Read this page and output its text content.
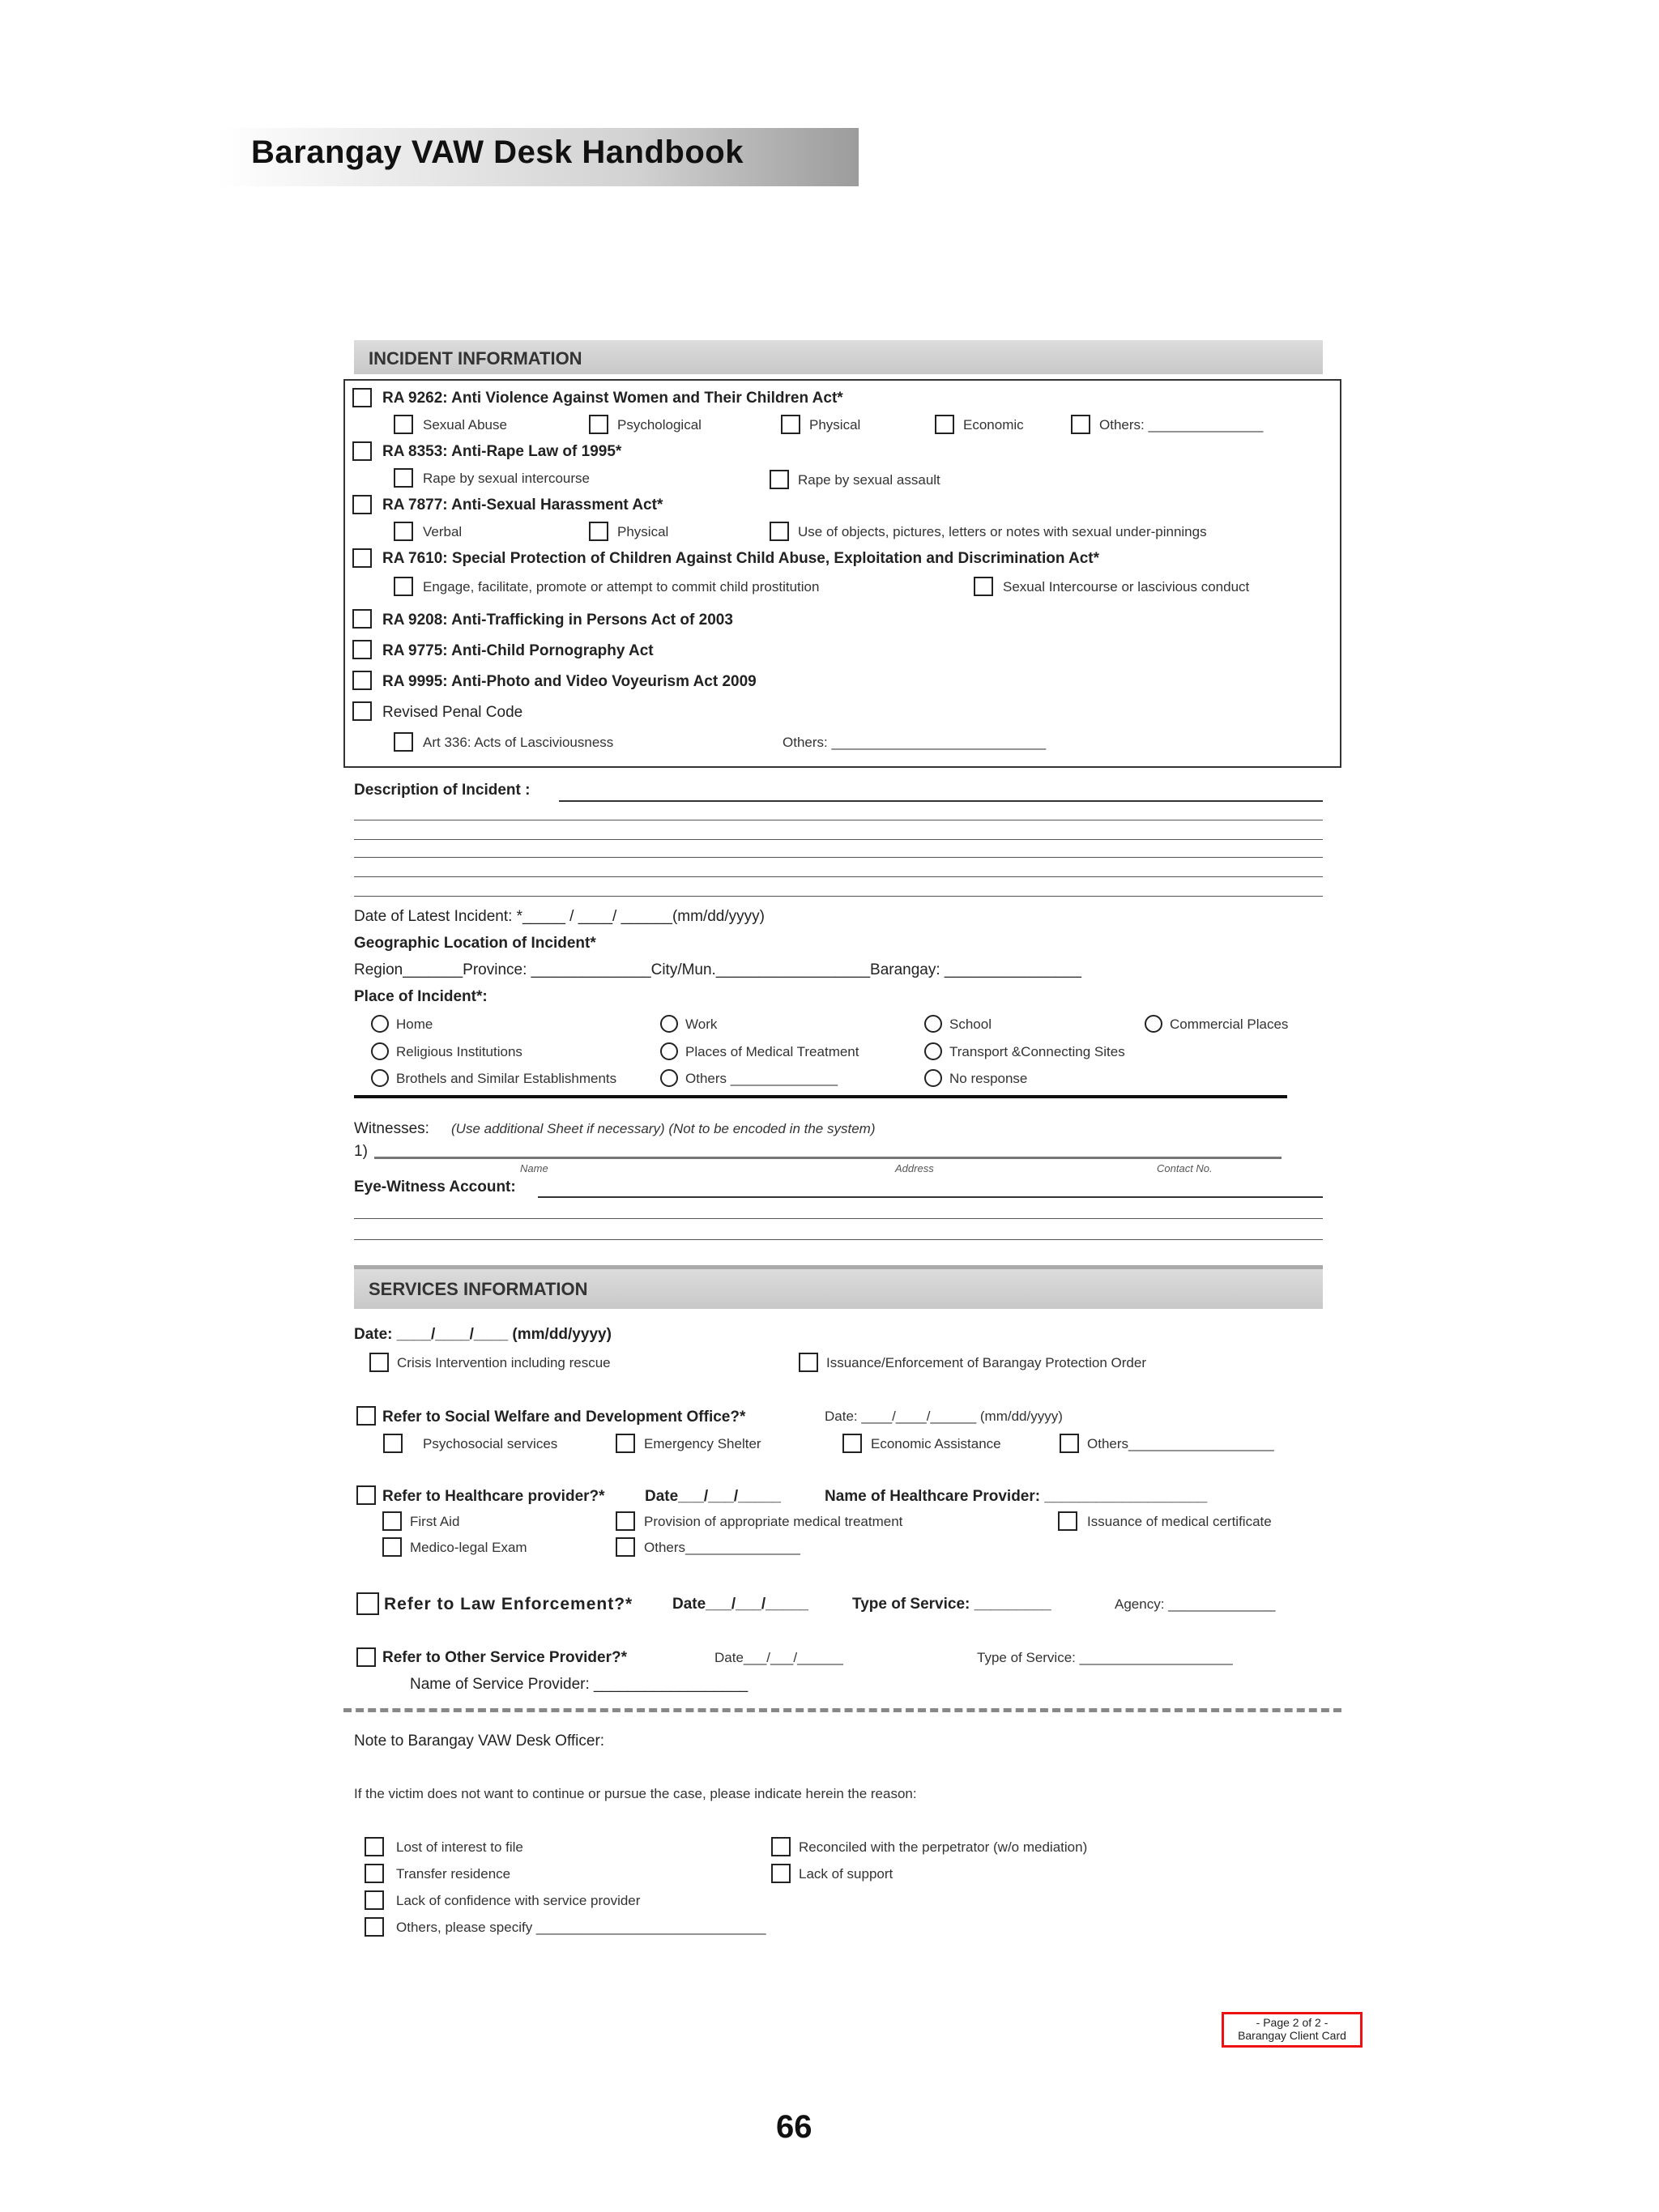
Barangay VAW Desk Handbook
INCIDENT INFORMATION
RA 9262: Anti Violence Against Women and Their Children Act*
Sexual Abuse	Psychological	Physical	Economic	Others: _______________
RA 8353: Anti-Rape Law of 1995*
Rape by sexual intercourse	Rape by sexual assault
RA 7877: Anti-Sexual Harassment Act*
Verbal	Physical	Use of objects, pictures, letters or notes with sexual under-pinnings
RA 7610: Special Protection of Children Against Child Abuse, Exploitation and Discrimination Act*
Engage, facilitate, promote or attempt to commit child prostitution	Sexual Intercourse or lascivious conduct
RA 9208: Anti-Trafficking in Persons Act of 2003
RA 9775: Anti-Child Pornography Act
RA 9995: Anti-Photo and Video Voyeurism Act 2009
Revised Penal Code
Art 336: Acts of Lasciviousness	Others: ____________________________
Description of Incident :
Date of Latest Incident: *_____ / ____/ ______(mm/dd/yyyy)
Geographic Location of Incident*
Region_______Province: ______________City/Mun.__________________Barangay: ________________
Place of Incident*:
Home	Work	School	Commercial Places
Religious Institutions	Places of Medical Treatment	Transport &Connecting Sites
Brothels and Similar Establishments	Others ______________	No response
Witnesses: (Use additional Sheet if necessary) (Not to be encoded in the system)
1)
Name	Address	Contact No.
Eye-Witness Account:
SERVICES INFORMATION
Date: ____/____/____ (mm/dd/yyyy)
Crisis Intervention including rescue	Issuance/Enforcement of Barangay Protection Order
Refer to Social Welfare and Development Office?*	Date: ____/____/______ (mm/dd/yyyy)
Psychosocial services	Emergency Shelter	Economic Assistance	Others___________________
Refer to Healthcare provider?*	Date___/___/_____	Name of Healthcare Provider: ___________________
First Aid	Provision of appropriate medical treatment	Issuance of medical certificate
Medico-legal Exam	Others_______________
Refer to Law Enforcement?*	Date___/___/_____	Type of Service: _________	Agency: ______________
Refer to Other Service Provider?*	Date___/___/______	Type of Service: ____________________
Name of Service Provider: __________________
Note to Barangay VAW Desk Officer:
If the victim does not want to continue or pursue the case, please indicate herein the reason:
Lost of interest to file	Reconciled with the perpetrator (w/o mediation)
Transfer residence	Lack of support
Lack of confidence with service provider
Others, please specify ______________________________
- Page 2 of 2 -
Barangay Client Card
66
